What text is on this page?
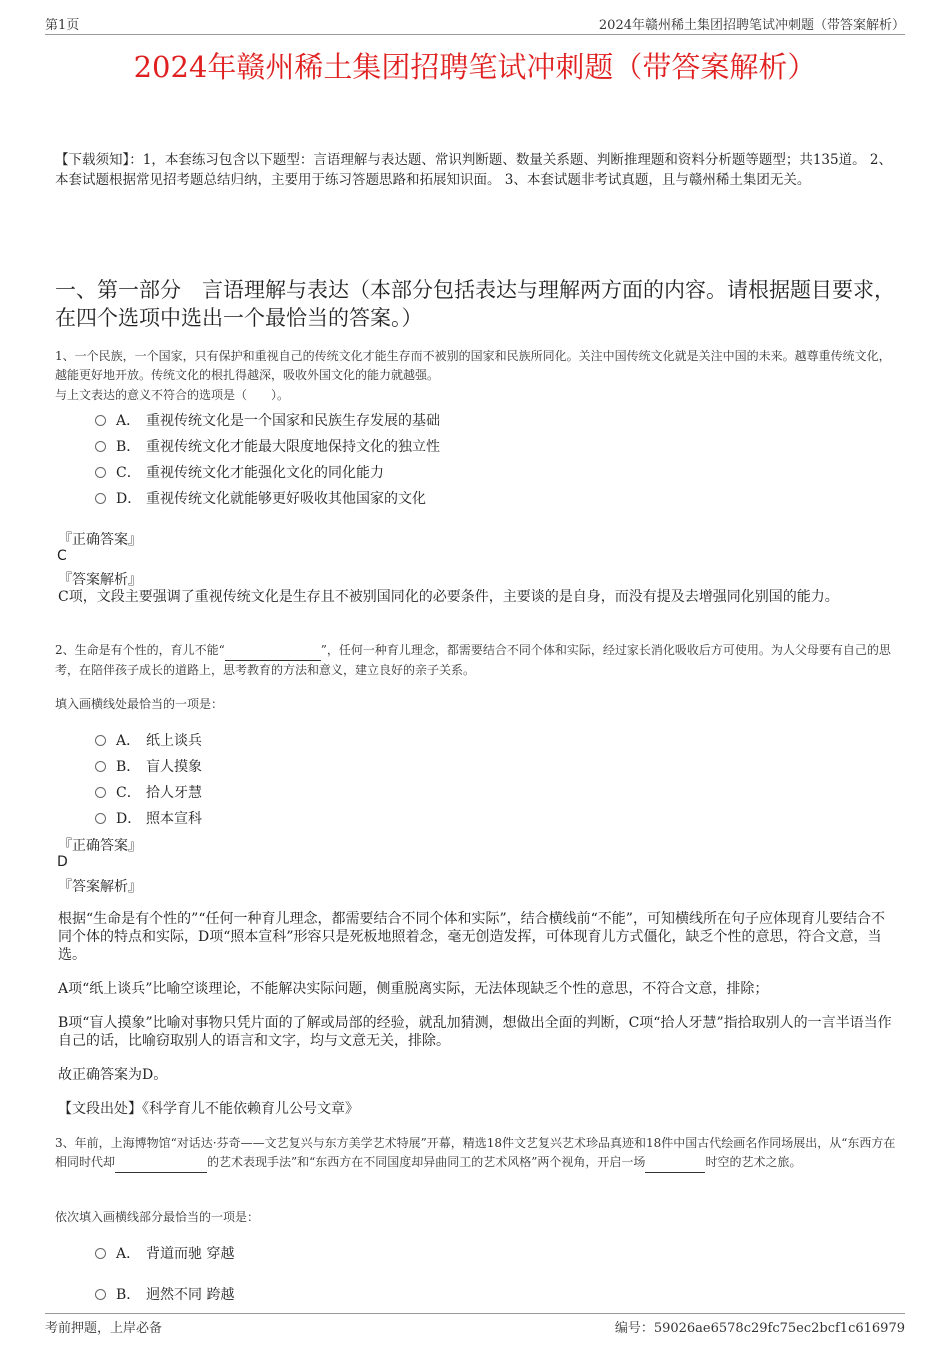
第1页	2024年赣州稀土集团招聘笔试冲刺题（带答案解析）
2024年赣州稀土集团招聘笔试冲刺题（带答案解析）
【下载须知】：1，本套练习包含以下题型：言语理解与表达题、常识判断题、数量关系题、判断推理题和资料分析题等题型；共135道。 2、本套试题根据常见招考题总结归纳，主要用于练习答题思路和拓展知识面。 3、本套试题非考试真题，且与赣州稀土集团无关。
一、第一部分　言语理解与表达（本部分包括表达与理解两方面的内容。请根据题目要求，在四个选项中选出一个最恰当的答案。）
1、一个民族，一个国家，只有保护和重视自己的传统文化才能生存而不被别的国家和民族所同化。关注中国传统文化就是关注中国的未来。越尊重传统文化，越能更好地开放。传统文化的根扎得越深，吸收外国文化的能力就越强。
与上文表达的意义不符合的选项是（　　）。
A． 重视传统文化是一个国家和民族生存发展的基础
B． 重视传统文化才能最大限度地保持文化的独立性
C． 重视传统文化才能强化文化的同化能力
D． 重视传统文化就能够更好吸收其他国家的文化
『正确答案』
C
『答案解析』
C项，文段主要强调了重视传统文化是生存且不被别国同化的必要条件，主要谈的是自身，而没有提及去增强同化别国的能力。
2、生命是有个性的，育儿不能“	”，任何一种育儿理念，都需要结合不同个体和实际，经过家长消化吸收后方可使用。为人父母要有自己的思考，在陪伴孩子成长的道路上，思考教育的方法和意义，建立良好的亲子关系。
填入画横线处最恰当的一项是：
A． 纸上谈兵
B． 盲人摸象
C． 拾人牙慧
D． 照本宣科
『正确答案』
D
『答案解析』
根据“生命是有个性的”“任何一种育儿理念，都需要结合不同个体和实际”，结合横线前“不能”，可知横线所在句子应体现育儿要结合不同个体的特点和实际，D项“照本宣科”形容只是死板地照着念，毫无创造发挥，可体现育儿方式僵化，缺乏个性的意思，符合文意，当选。
A项“纸上谈兵”比喻空谈理论，不能解决实际问题，侧重脱离实际，无法体现缺乏个性的意思，不符合文意，排除；
B项“盲人摸象”比喻对事物只凭片面的了解或局部的经验，就乱加猜测，想做出全面的判断，C项“拾人牙慧”指拾取别人的一言半语当作自己的话，比喻窃取别人的语言和文字，均与文意无关，排除。
故正确答案为D。
【文段出处】《科学育儿不能依赖育儿公号文章》
3、年前，上海博物馆“对话达·芬奇——文艺复兴与东方美学艺术特展”开幕，精选18件文艺复兴艺术珍品真迹和18件中国古代绘画名作同场展出，从“东西方在相同时代却	的艺术表现手法”和“东西方在不同国度却异曲同工的艺术风格”两个视角，开启一场	时空的艺术之旅。
依次填入画横线部分最恰当的一项是：
A． 背道而驰 穿越
B． 迥然不同 跨越
考前押题，上岸必备	编号：59026ae6578c29fc75ec2bcf1c616979
